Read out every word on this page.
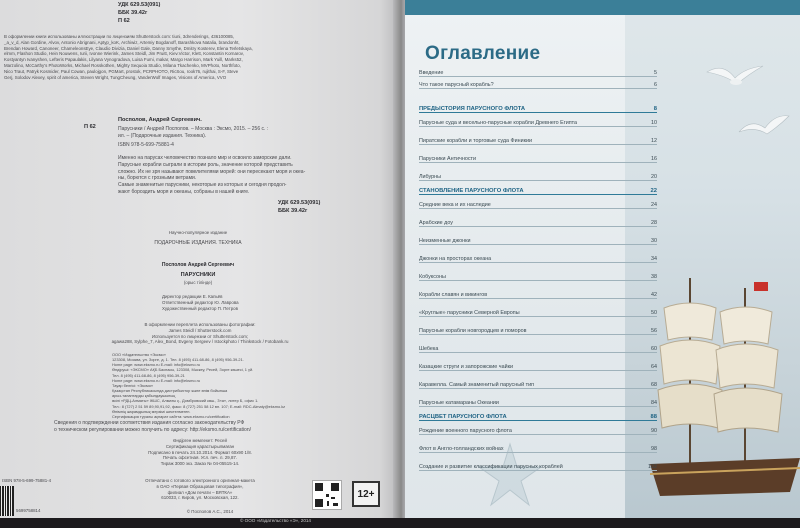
УДК 629.53(091)
ББК 39.42г
П 62
В оформлении книги использованы иллюстрации по лицензиям Shutterstock.com: tiuni, 3drenderings, 436100085,
_a_v_d, Alan Gordine, Alvov, Antonio Abrignani, Aptyp_koK, Archiwiz, Artemiy Bogdanoff, Barashkova Natalia, brandonht,
Brendan Howard, Canoneer, ChameleonsEye, Claudio Divizia, Daniel Gale, Danny Smythe, Dmitry Kosterev, Elena Terletskaya,
elmm, Flashon Studio, Hein Nouwens, Iurii, Ivonne Wierink, James Steidl, Jim Pruitt, Kiev.Victor, Klett, Konstantin Kornarov,
Kostyantyn Ivanyshen, Lefteris Papaulakis, Lilyana Vynogradova, Luisa Fumi, makar, Margo Harrison, Mark Yuill, Marks52,
Marzolino, McCarthy's PhotoWorks, Michael Rosskothen, Mighty Sequoia Studio, Milana Tkachenko, MVPhoto, Northfoto,
Nico Traut, Patryk Kosmider, Paul Cowan, paulojgon, PGMart, prostok, PCRPHOTO, RicSou, rook76, rujithai, S-F, Steve
Gerj, Solodov Alexey, spirit of america, Steven Wright, TungCheung, VanderWolf Images, Visions of America, VVO
П 62
Посполов, Андрей Сергеевич.
Парусники / Андрей Посполов. – Москва : Эксмо, 2015. – 256 с. :
ил. – (Подарочные издания. Техника).
ISBN 978-5-699-75881-4
Именно на парусах человечество познало мир и освоило заморские дали.
Парусные корабли сыграли в истории роль, значение которой представить
сложно. Их не зря называют повелителями морей: они пересекают моря и океа-
ны, борются с грозными ветрами.
Самые знаменитые парусники, некоторые из которых и сегодня продол-
жают бороздить моря и океаны, собраны в нашей книге.
УДК 629.53(091)
ББК 39.42г
Научно-популярное издание
ПОДАРОЧНЫЕ ИЗДАНИЯ. ТЕХНИКА
Посполов Андрей Сергеевич
ПАРУСНИКИ
(орыс тілінде)
Директор редакции Е. Капьёв
Ответственный редактор Ю. Лаврова
Художественный редактор П. Петров
В оформлении переплета использованы фотографии:
James Steidl / Shutterstock.com
Используется по лицензии от Shutterstock.com;
agawa288, Sylphe_7, Alex_Bond, Evgeny Sergeev / Istockphoto / Thinkstock / Fotobank.ru
ООО «Издательство «Эксмо»
123308, Москва, ул. Зорге, д. 1. Тел. 8 (495) 411-68-86, 8 (495) 956-39-21.
Home page: www.eksmo.ru E-mail: info@eksmo.ru
Өндіруші: «ЭКСМО» АҚБ Баспасы, 123308, Мәскеу, Ресей, Зорге көшесі, 1 үй.
Тел. 8 (495) 411-68-86, 8 (495) 956-39-21
Home page: www.eksmo.ru E-mail: info@eksmo.ru
Тауар белгісі: «Эксмо»
Қазақстан Республикасында дистрибьютор және өнім бойынша
арыз-талаптарды қабылдаушының
өкілі «РДЦ-Алматы» ЖШС, Алматы қ., Домбровский көш., 3«а», литер Б, офис 1.
Тел.: 8 (727) 2 51 59 89,90,91,92, факс: 8 (727) 251 58 12 вн. 107; E-mail: RDC-Almaty@eksmo.kz
Өнімнің жарамдылық мерзімі шектелмеген.
Сертификация туралы ақпарат сайтта: www.eksmo.ru/certification
Сведения о подтверждении соответствия издания согласно законодательству РФ
о техническом регулировании можно получить по адресу: http://eksmo.ru/certification/
Өндірген мемлекет: Ресей
Сертификация қарастырылмаған
Подписано в печать 24.10.2014. Формат 60x90 1/8.
Печать офсетная. Усл. печ. л. 29,87.
Тираж 3000 экз. Заказ № 04-05515-14.
Отпечатано с готового электронного оригинал-макета
в ОАО «Первая Образцовая типография»,
филиал «Дом печати – ВЯТКА»
610033, г. Киров, ул. Московская, 122.
ISBN 978-5-699-75881-4
5699758814
12+
© Посполов А.С., 2014
Оглавление
Введение	5
Что такое парусный корабль?	6
ПРЕДЫСТОРИЯ ПАРУСНОГО ФЛОТА	8
Парусные суда и весельно-парусные корабли Древнего Египта	10
Пиратские корабли и торговые суда Финикии	12
Парусники Античности	16
Либурны	20
СТАНОВЛЕНИЕ ПАРУСНОГО ФЛОТА	22
Средние века и их наследие	24
Арабские доу	28
Неизменные джонки	30
Джонки на просторах океана	34
Кобуксоны	38
Корабли славян и викингов	42
«Круглые» парусники Северной Европы	50
Парусные корабли новгородцев и поморов	56
Шебека	60
Казацкие струги и запорожские чайки	64
Каравелла. Самый знаменитый парусный тип	68
Парусные катамараны Океании	84
РАСЦВЕТ ПАРУСНОГО ФЛОТА	88
Рождение военного парусного флота	90
Флот в Англо-голландских войнах	98
Создание и развитие классификации парусных кораблей	102
© ООО «Издательство «Э», 2014
